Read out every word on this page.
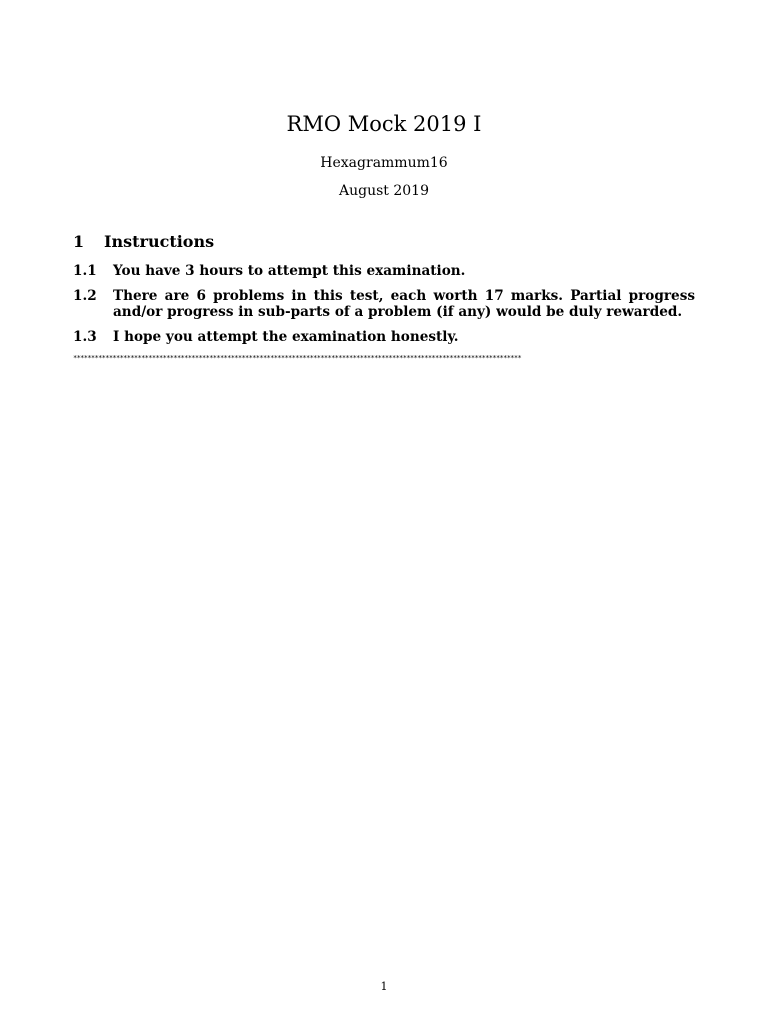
RMO Mock 2019 I
Hexagrammum16
August 2019
1	Instructions
1.1	You have 3 hours to attempt this examination.
1.2	There are 6 problems in this test, each worth 17 marks. Partial progress and/or progress in sub-parts of a problem (if any) would be duly rewarded.
1.3	I hope you attempt the examination honestly.
*****************************************************************************************************************************
1
